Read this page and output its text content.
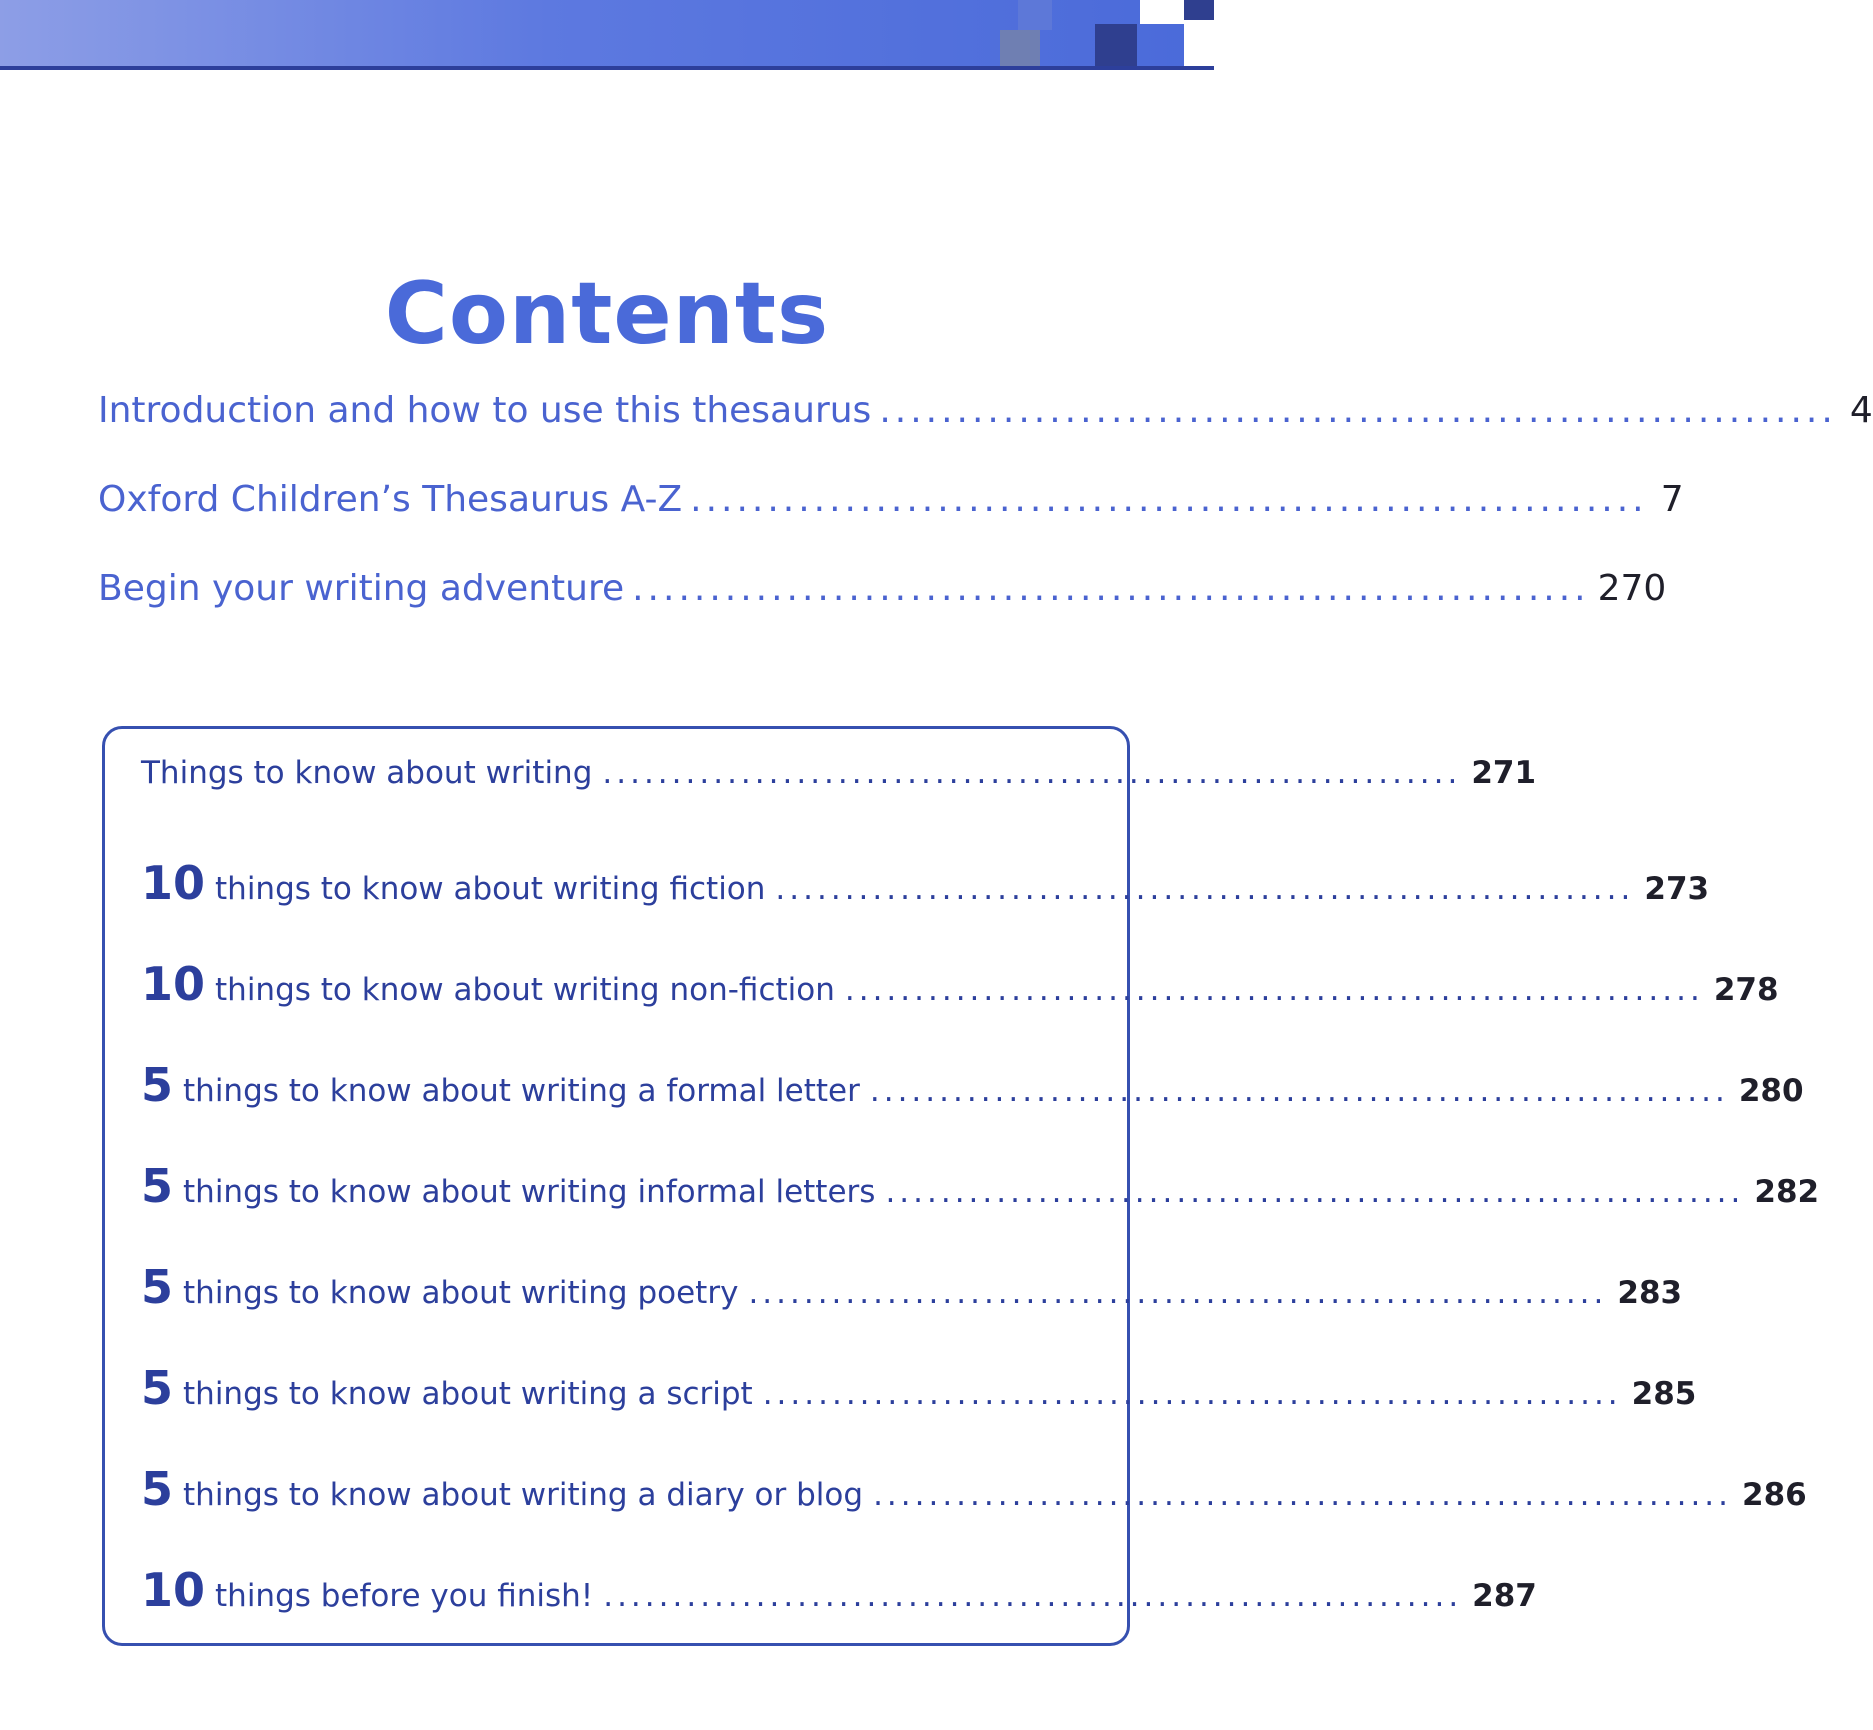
Contents
Introduction and how to use this thesaurus .............................................................. 4
Oxford Children’s Thesaurus A-Z .............................................................. 7
Begin your writing adventure .............................................................. 270
Things to know about writing .............................................................. 271
10 things to know about writing fiction .............................................................. 273
10 things to know about writing non-fiction .............................................................. 278
5 things to know about writing a formal letter .............................................................. 280
5 things to know about writing informal letters .............................................................. 282
5 things to know about writing poetry .............................................................. 283
5 things to know about writing a script .............................................................. 285
5 things to know about writing a diary or blog .............................................................. 286
10 things before you finish! .............................................................. 287
